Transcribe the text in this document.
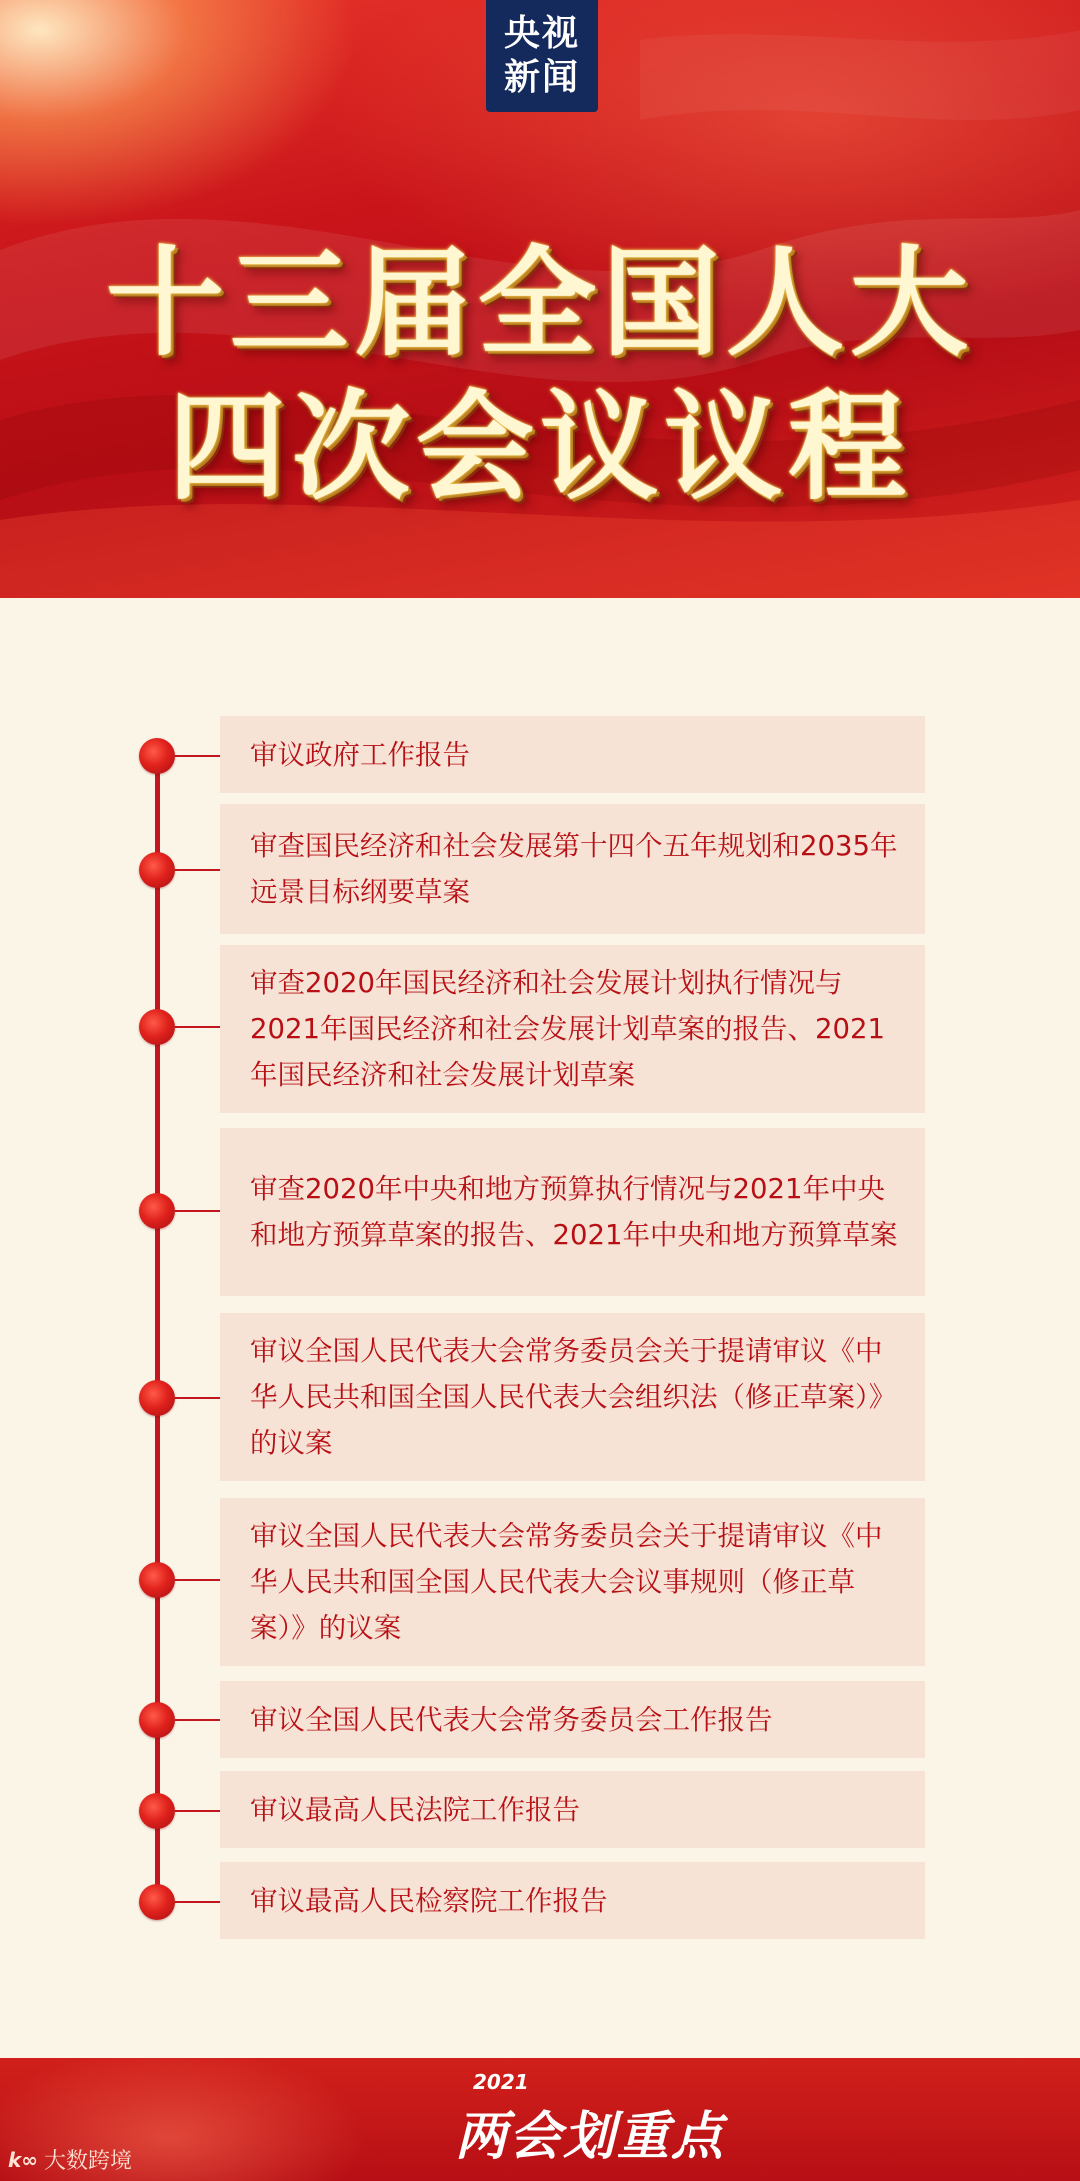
央视
新闻
十三届全国人大
四次会议议程
审议政府工作报告
审查国民经济和社会发展第十四个五年规划和2035年远景目标纲要草案
审查2020年国民经济和社会发展计划执行情况与2021年国民经济和社会发展计划草案的报告、2021年国民经济和社会发展计划草案
审查2020年中央和地方预算执行情况与2021年中央和地方预算草案的报告、2021年中央和地方预算草案
审议全国人民代表大会常务委员会关于提请审议《中华人民共和国全国人民代表大会组织法（修正草案）》的议案
审议全国人民代表大会常务委员会关于提请审议《中华人民共和国全国人民代表大会议事规则（修正草案）》的议案
审议全国人民代表大会常务委员会工作报告
审议最高人民法院工作报告
审议最高人民检察院工作报告
2021
两会划重点
k∞ 大数跨境
